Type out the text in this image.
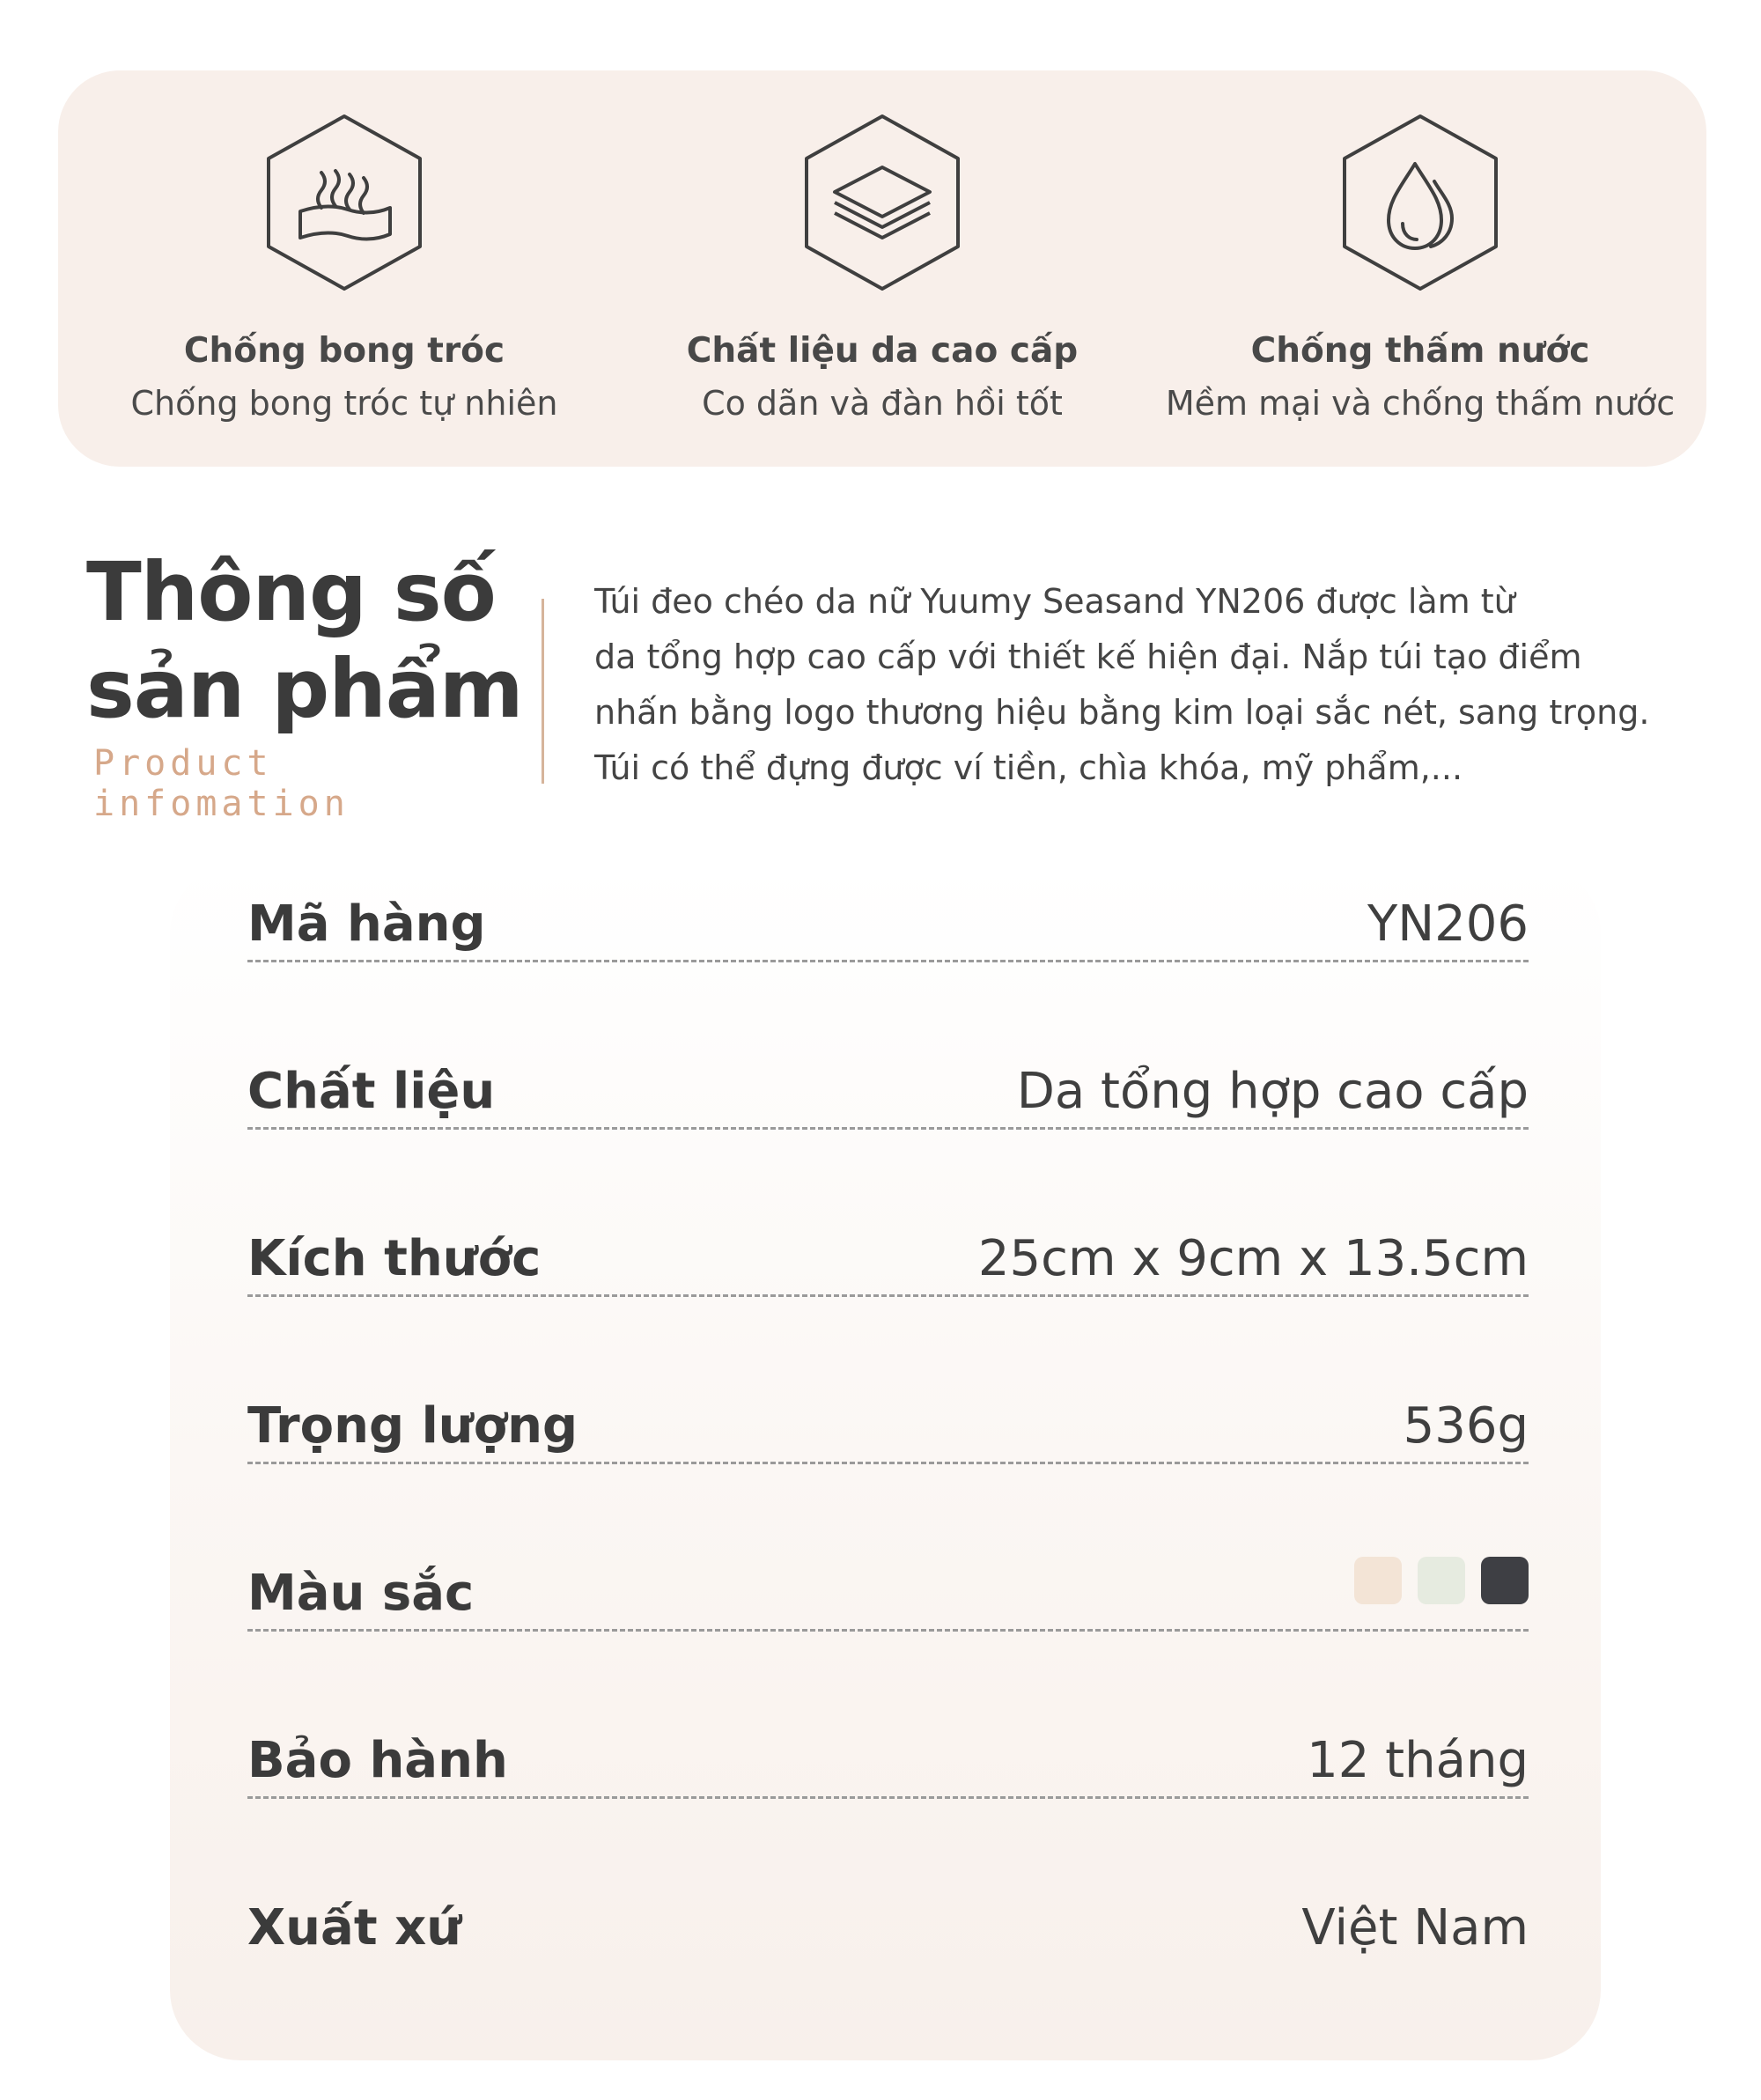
Chống bong tróc
Chống bong tróc tự nhiên
Chất liệu da cao cấp
Co dãn và đàn hồi tốt
Chống thấm nước
Mềm mại và chống thấm nước
Thông số
sản phẩm
Product infomation
Túi đeo chéo da nữ Yuumy Seasand YN206 được làm từ
da tổng hợp cao cấp với thiết kế hiện đại. Nắp túi tạo điểm
nhấn bằng logo thương hiệu bằng kim loại sắc nét, sang trọng.
Túi có thể đựng được ví tiền, chìa khóa, mỹ phẩm,...
Mã hàng	YN206
Chất liệu	Da tổng hợp cao cấp
Kích thước	25cm x 9cm x 13.5cm
Trọng lượng	536g
Màu sắc
Bảo hành	12 tháng
Xuất xứ	Việt Nam
